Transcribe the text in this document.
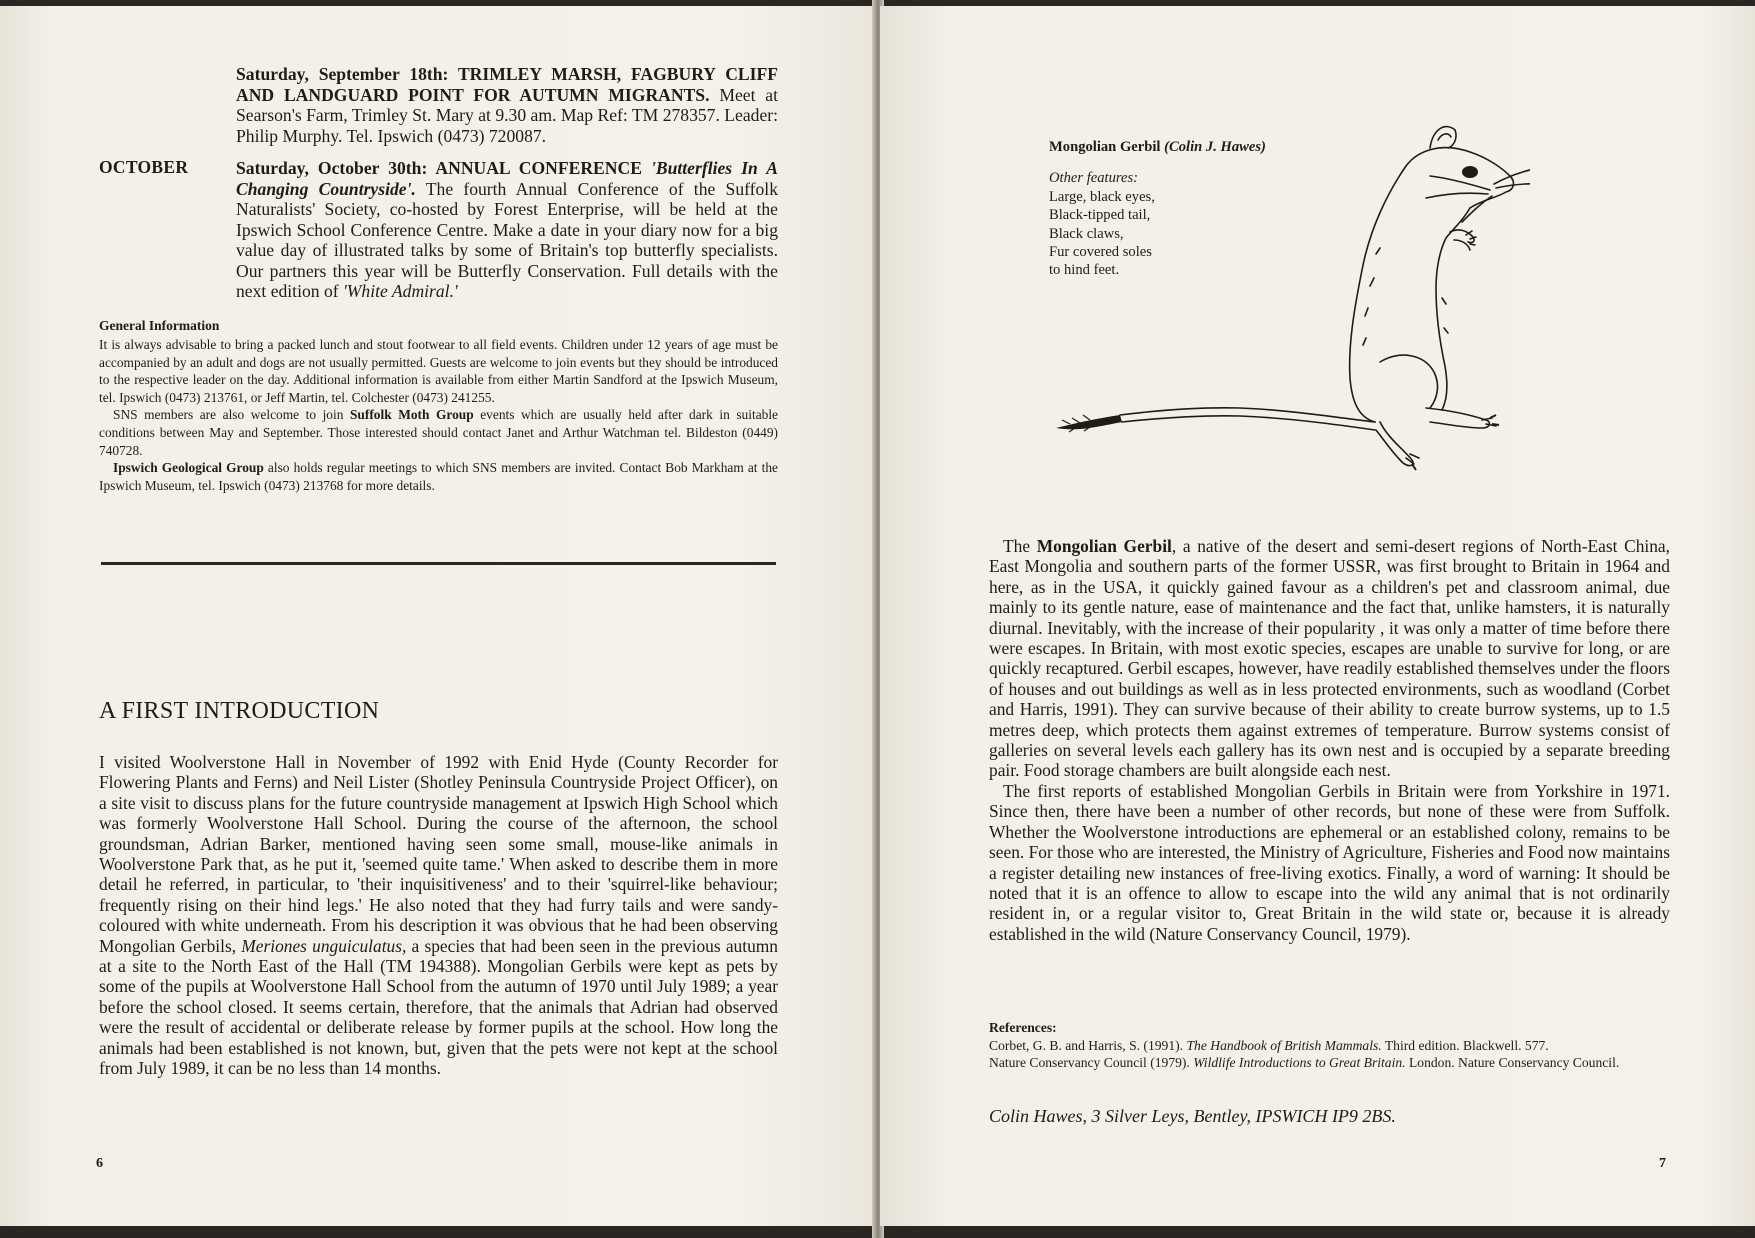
Saturday, September 18th: TRIMLEY MARSH, FAGBURY CLIFF AND LANDGUARD POINT FOR AUTUMN MIGRANTS. Meet at Searson's Farm, Trimley St. Mary at 9.30 am. Map Ref: TM 278357. Leader: Philip Murphy. Tel. Ipswich (0473) 720087.
OCTOBER	Saturday, October 30th: ANNUAL CONFERENCE 'Butterflies In A Changing Countryside'. The fourth Annual Conference of the Suffolk Naturalists' Society, co-hosted by Forest Enterprise, will be held at the Ipswich School Conference Centre. Make a date in your diary now for a big value day of illustrated talks by some of Britain's top butterfly specialists. Our partners this year will be Butterfly Conservation. Full details with the next edition of 'White Admiral.'
General Information

It is always advisable to bring a packed lunch and stout footwear to all field events. Children under 12 years of age must be accompanied by an adult and dogs are not usually permitted. Guests are welcome to join events but they should be introduced to the respective leader on the day. Additional information is available from either Martin Sandford at the Ipswich Museum, tel. Ipswich (0473) 213761, or Jeff Martin, tel. Colchester (0473) 241255.

SNS members are also welcome to join Suffolk Moth Group events which are usually held after dark in suitable conditions between May and September. Those interested should contact Janet and Arthur Watchman tel. Bildeston (0449) 740728.

Ipswich Geological Group also holds regular meetings to which SNS members are invited. Contact Bob Markham at the Ipswich Museum, tel. Ipswich (0473) 213768 for more details.

A FIRST INTRODUCTION

I visited Woolverstone Hall in November of 1992 with Enid Hyde (County Recorder for Flowering Plants and Ferns) and Neil Lister (Shotley Peninsula Countryside Project Officer), on a site visit to discuss plans for the future countryside management at Ipswich High School which was formerly Woolverstone Hall School. During the course of the afternoon, the school groundsman, Adrian Barker, mentioned having seen some small, mouse-like animals in Woolverstone Park that, as he put it, 'seemed quite tame.' When asked to describe them in more detail he referred, in particular, to 'their inquisitiveness' and to their 'squirrel-like behaviour; frequently rising on their hind legs.' He also noted that they had furry tails and were sandy-coloured with white underneath. From his description it was obvious that he had been observing Mongolian Gerbils, Meriones unguiculatus, a species that had been seen in the previous autumn at a site to the North East of the Hall (TM 194388). Mongolian Gerbils were kept as pets by some of the pupils at Woolverstone Hall School from the autumn of 1970 until July 1989; a year before the school closed. It seems certain, therefore, that the animals that Adrian had observed were the result of accidental or deliberate release by former pupils at the school. How long the animals had been established is not known, but, given that the pets were not kept at the school from July 1989, it can be no less than 14 months.

6
Mongolian Gerbil (Colin J. Hawes)
Other features:
Large, black eyes,
Black-tipped tail,
Black claws,
Fur covered soles
to hind feet.

The Mongolian Gerbil, a native of the desert and semi-desert regions of North-East China, East Mongolia and southern parts of the former USSR, was first brought to Britain in 1964 and here, as in the USA, it quickly gained favour as a children's pet and classroom animal, due mainly to its gentle nature, ease of maintenance and the fact that, unlike hamsters, it is naturally diurnal. Inevitably, with the increase of their popularity , it was only a matter of time before there were escapes. In Britain, with most exotic species, escapes are unable to survive for long, or are quickly recaptured. Gerbil escapes, however, have readily established themselves under the floors of houses and out buildings as well as in less protected environments, such as woodland (Corbet and Harris, 1991). They can survive because of their ability to create burrow systems, up to 1.5 metres deep, which protects them against extremes of temperature. Burrow systems consist of galleries on several levels each gallery has its own nest and is occupied by a separate breeding pair. Food storage chambers are built alongside each nest.

The first reports of established Mongolian Gerbils in Britain were from Yorkshire in 1971. Since then, there have been a number of other records, but none of these were from Suffolk. Whether the Woolverstone introductions are ephemeral or an established colony, remains to be seen. For those who are interested, the Ministry of Agriculture, Fisheries and Food now maintains a register detailing new instances of free-living exotics. Finally, a word of warning: It should be noted that it is an offence to allow to escape into the wild any animal that is not ordinarily resident in, or a regular visitor to, Great Britain in the wild state or, because it is already established in the wild (Nature Conservancy Council, 1979).

References:
Corbet, G. B. and Harris, S. (1991). The Handbook of British Mammals. Third edition. Blackwell. 577.
Nature Conservancy Council (1979). Wildlife Introductions to Great Britain. London. Nature Conservancy Council.
Colin Hawes, 3 Silver Leys, Bentley, IPSWICH IP9 2BS.
7
